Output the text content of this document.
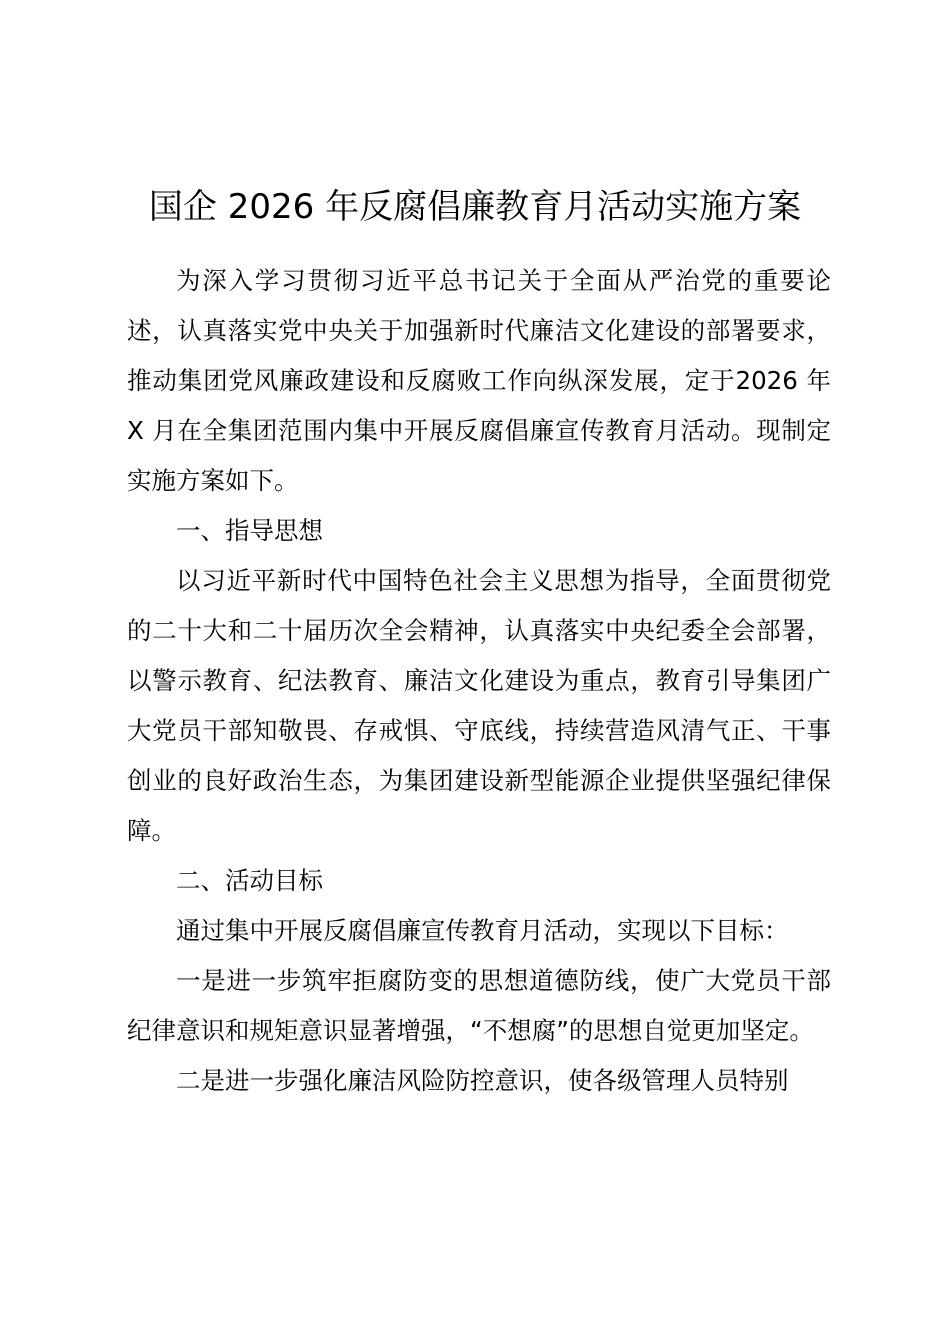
国企 2026 年反腐倡廉教育月活动实施方案

为深入学习贯彻习近平总书记关于全面从严治党的重要论述，认真落实党中央关于加强新时代廉洁文化建设的部署要求，推动集团党风廉政建设和反腐败工作向纵深发展，定于2026 年 X 月在全集团范围内集中开展反腐倡廉宣传教育月活动。现制定实施方案如下。

一、指导思想

以习近平新时代中国特色社会主义思想为指导，全面贯彻党的二十大和二十届历次全会精神，认真落实中央纪委全会部署，以警示教育、纪法教育、廉洁文化建设为重点，教育引导集团广大党员干部知敬畏、存戒惧、守底线，持续营造风清气正、干事创业的良好政治生态，为集团建设新型能源企业提供坚强纪律保障。

二、活动目标

通过集中开展反腐倡廉宣传教育月活动，实现以下目标：

一是进一步筑牢拒腐防变的思想道德防线，使广大党员干部纪律意识和规矩意识显著增强，“不想腐”的思想自觉更加坚定。

二是进一步强化廉洁风险防控意识，使各级管理人员特别
